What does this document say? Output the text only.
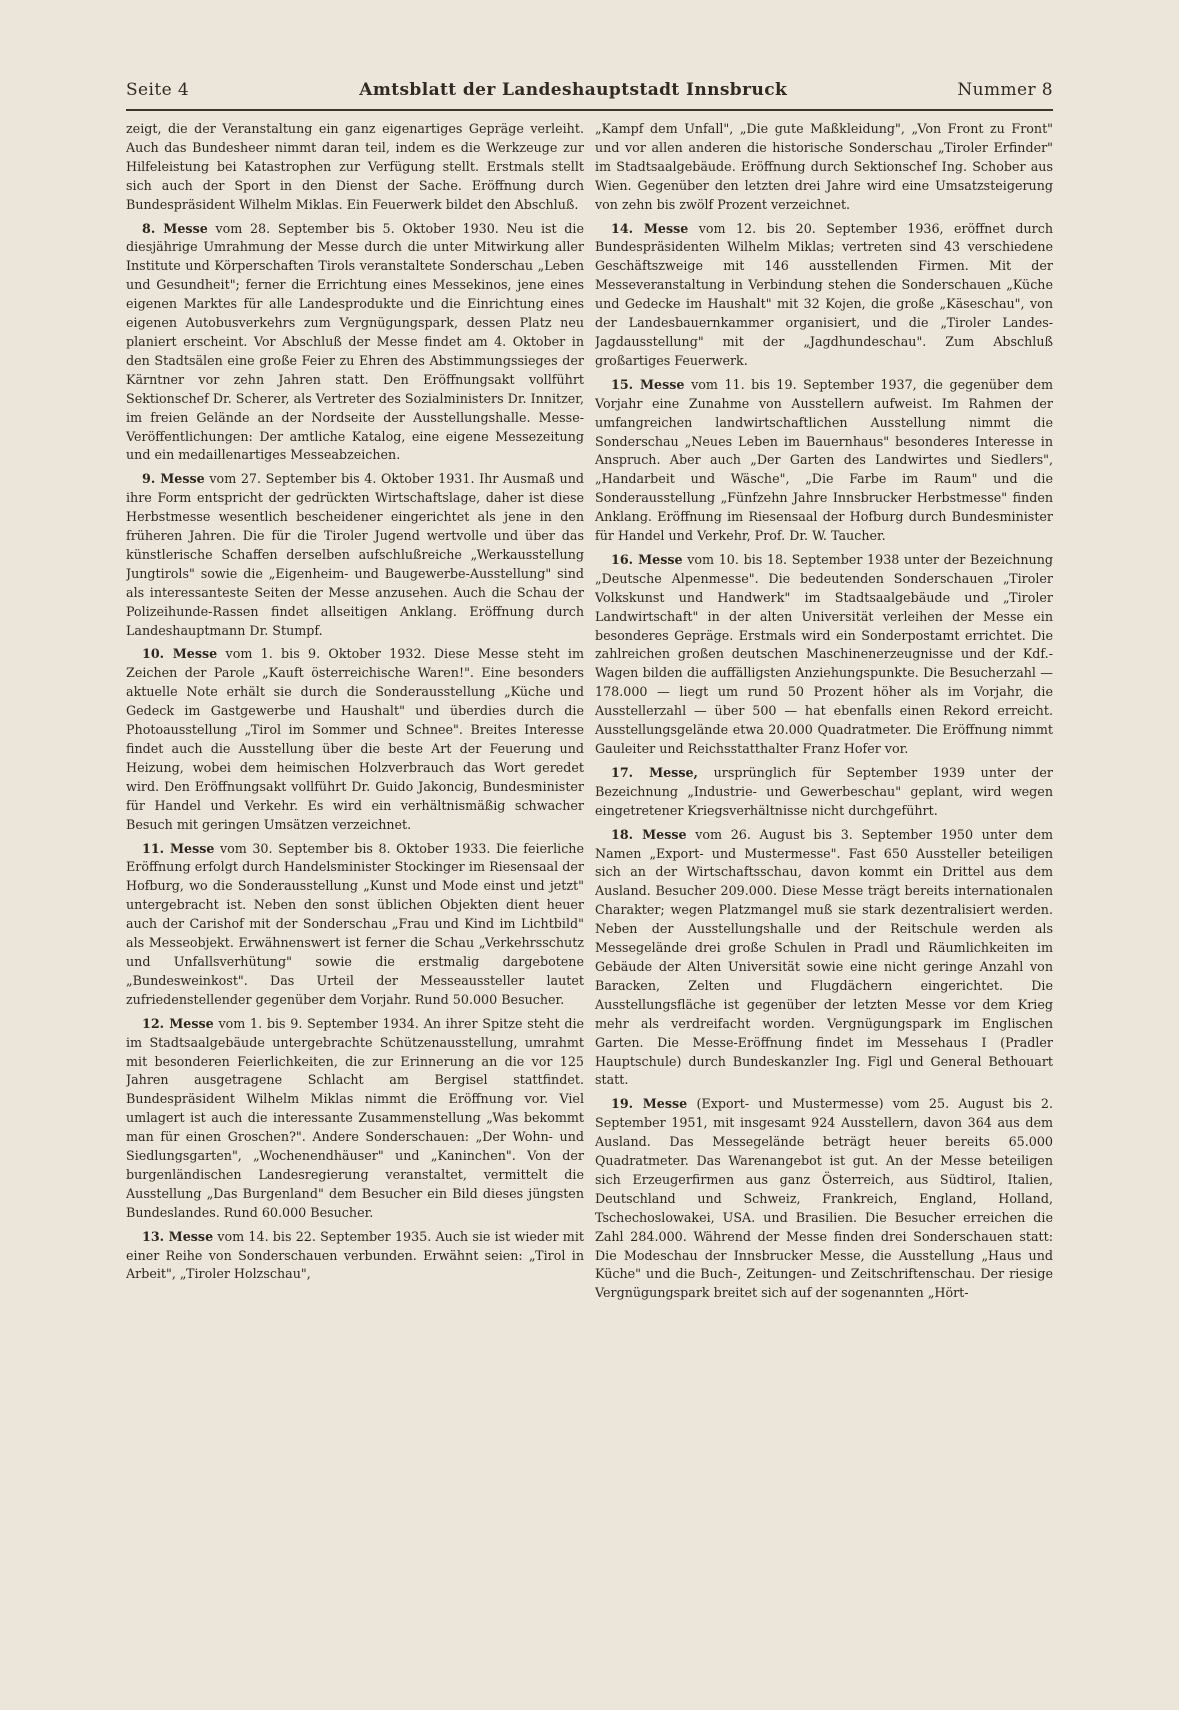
Seite 4	Amtsblatt der Landeshauptstadt Innsbruck	Nummer 8

zeigt, die der Veranstaltung ein ganz eigenartiges Gepräge verleiht. Auch das Bundesheer nimmt daran teil, indem es die Werkzeuge zur Hilfeleistung bei Katastrophen zur Verfügung stellt. Erstmals stellt sich auch der Sport in den Dienst der Sache. Eröffnung durch Bundespräsident Wilhelm Miklas. Ein Feuerwerk bildet den Abschluß.

8. Messe vom 28. September bis 5. Oktober 1930. Neu ist die diesjährige Umrahmung der Messe durch die unter Mitwirkung aller Institute und Körperschaften Tirols veranstaltete Sonderschau „Leben und Gesundheit"; ferner die Errichtung eines Messekinos, jene eines eigenen Marktes für alle Landesprodukte und die Einrichtung eines eigenen Autobusverkehrs zum Vergnügungspark, dessen Platz neu planiert erscheint. Vor Abschluß der Messe findet am 4. Oktober in den Stadtsälen eine große Feier zu Ehren des Abstimmungssieges der Kärntner vor zehn Jahren statt. Den Eröffnungsakt vollführt Sektionschef Dr. Scherer, als Vertreter des Sozialministers Dr. Innitzer, im freien Gelände an der Nordseite der Ausstellungshalle. Messe-Veröffentlichungen: Der amtliche Katalog, eine eigene Messezeitung und ein medaillenartiges Messeabzeichen.

9. Messe vom 27. September bis 4. Oktober 1931. Ihr Ausmaß und ihre Form entspricht der gedrückten Wirtschaftslage, daher ist diese Herbstmesse wesentlich bescheidener eingerichtet als jene in den früheren Jahren. Die für die Tiroler Jugend wertvolle und über das künstlerische Schaffen derselben aufschlußreiche „Werkausstellung Jungtirols" sowie die „Eigenheim- und Baugewerbe-Ausstellung" sind als interessanteste Seiten der Messe anzusehen. Auch die Schau der Polizeihunde-Rassen findet allseitigen Anklang. Eröffnung durch Landeshauptmann Dr. Stumpf.

10. Messe vom 1. bis 9. Oktober 1932. Diese Messe steht im Zeichen der Parole „Kauft österreichische Waren!". Eine besonders aktuelle Note erhält sie durch die Sonderausstellung „Küche und Gedeck im Gastgewerbe und Haushalt" und überdies durch die Photoausstellung „Tirol im Sommer und Schnee". Breites Interesse findet auch die Ausstellung über die beste Art der Feuerung und Heizung, wobei dem heimischen Holzverbrauch das Wort geredet wird. Den Eröffnungsakt vollführt Dr. Guido Jakoncig, Bundesminister für Handel und Verkehr. Es wird ein verhältnismäßig schwacher Besuch mit geringen Umsätzen verzeichnet.

11. Messe vom 30. September bis 8. Oktober 1933. Die feierliche Eröffnung erfolgt durch Handelsminister Stockinger im Riesensaal der Hofburg, wo die Sonderausstellung „Kunst und Mode einst und jetzt" untergebracht ist. Neben den sonst üblichen Objekten dient heuer auch der Carishof mit der Sonderschau „Frau und Kind im Lichtbild" als Messeobjekt. Erwähnenswert ist ferner die Schau „Verkehrsschutz und Unfallsverhütung" sowie die erstmalig dargebotene „Bundesweinkost". Das Urteil der Messeaussteller lautet zufriedenstellender gegenüber dem Vorjahr. Rund 50.000 Besucher.

12. Messe vom 1. bis 9. September 1934. An ihrer Spitze steht die im Stadtsaalgebäude untergebrachte Schützenausstellung, umrahmt mit besonderen Feierlichkeiten, die zur Erinnerung an die vor 125 Jahren ausgetragene Schlacht am Bergisel stattfindet. Bundespräsident Wilhelm Miklas nimmt die Eröffnung vor. Viel umlagert ist auch die interessante Zusammenstellung „Was bekommt man für einen Groschen?". Andere Sonderschauen: „Der Wohn- und Siedlungsgarten", „Wochenendhäuser" und „Kaninchen". Von der burgenländischen Landesregierung veranstaltet, vermittelt die Ausstellung „Das Burgenland" dem Besucher ein Bild dieses jüngsten Bundeslandes. Rund 60.000 Besucher.

13. Messe vom 14. bis 22. September 1935. Auch sie ist wieder mit einer Reihe von Sonderschauen verbunden. Erwähnt seien: „Tirol in Arbeit", „Tiroler Holzschau",

„Kampf dem Unfall", „Die gute Maßkleidung", „Von Front zu Front" und vor allen anderen die historische Sonderschau „Tiroler Erfinder" im Stadtsaalgebäude. Eröffnung durch Sektionschef Ing. Schober aus Wien. Gegenüber den letzten drei Jahre wird eine Umsatzsteigerung von zehn bis zwölf Prozent verzeichnet.

14. Messe vom 12. bis 20. September 1936, eröffnet durch Bundespräsidenten Wilhelm Miklas; vertreten sind 43 verschiedene Geschäftszweige mit 146 ausstellenden Firmen. Mit der Messeveranstaltung in Verbindung stehen die Sonderschauen „Küche und Gedecke im Haushalt" mit 32 Kojen, die große „Käseschau", von der Landesbauernkammer organisiert, und die „Tiroler Landes-Jagdausstellung" mit der „Jagdhundeschau". Zum Abschluß großartiges Feuerwerk.

15. Messe vom 11. bis 19. September 1937, die gegenüber dem Vorjahr eine Zunahme von Ausstellern aufweist. Im Rahmen der umfangreichen landwirtschaftlichen Ausstellung nimmt die Sonderschau „Neues Leben im Bauernhaus" besonderes Interesse in Anspruch. Aber auch „Der Garten des Landwirtes und Siedlers", „Handarbeit und Wäsche", „Die Farbe im Raum" und die Sonderausstellung „Fünfzehn Jahre Innsbrucker Herbstmesse" finden Anklang. Eröffnung im Riesensaal der Hofburg durch Bundesminister für Handel und Verkehr, Prof. Dr. W. Taucher.

16. Messe vom 10. bis 18. September 1938 unter der Bezeichnung „Deutsche Alpenmesse". Die bedeutenden Sonderschauen „Tiroler Volkskunst und Handwerk" im Stadtsaalgebäude und „Tiroler Landwirtschaft" in der alten Universität verleihen der Messe ein besonderes Gepräge. Erstmals wird ein Sonderpostamt errichtet. Die zahlreichen großen deutschen Maschinenerzeugnisse und der Kdf.-Wagen bilden die auffälligsten Anziehungspunkte. Die Besucherzahl — 178.000 — liegt um rund 50 Prozent höher als im Vorjahr, die Ausstellerzahl — über 500 — hat ebenfalls einen Rekord erreicht. Ausstellungsgelände etwa 20.000 Quadratmeter. Die Eröffnung nimmt Gauleiter und Reichsstatthalter Franz Hofer vor.

17. Messe, ursprünglich für September 1939 unter der Bezeichnung „Industrie- und Gewerbeschau" geplant, wird wegen eingetretener Kriegsverhältnisse nicht durchgeführt.

18. Messe vom 26. August bis 3. September 1950 unter dem Namen „Export- und Mustermesse". Fast 650 Aussteller beteiligen sich an der Wirtschaftsschau, davon kommt ein Drittel aus dem Ausland. Besucher 209.000. Diese Messe trägt bereits internationalen Charakter; wegen Platzmangel muß sie stark dezentralisiert werden. Neben der Ausstellungshalle und der Reitschule werden als Messegelände drei große Schulen in Pradl und Räumlichkeiten im Gebäude der Alten Universität sowie eine nicht geringe Anzahl von Baracken, Zelten und Flugdächern eingerichtet. Die Ausstellungsfläche ist gegenüber der letzten Messe vor dem Krieg mehr als verdreifacht worden. Vergnügungspark im Englischen Garten. Die Messe-Eröffnung findet im Messehaus I (Pradler Hauptschule) durch Bundeskanzler Ing. Figl und General Bethouart statt.

19. Messe (Export- und Mustermesse) vom 25. August bis 2. September 1951, mit insgesamt 924 Ausstellern, davon 364 aus dem Ausland. Das Messegelände beträgt heuer bereits 65.000 Quadratmeter. Das Warenangebot ist gut. An der Messe beteiligen sich Erzeugerfirmen aus ganz Österreich, aus Südtirol, Italien, Deutschland und Schweiz, Frankreich, England, Holland, Tschechoslowakei, USA. und Brasilien. Die Besucher erreichen die Zahl 284.000. Während der Messe finden drei Sonderschauen statt: Die Modeschau der Innsbrucker Messe, die Ausstellung „Haus und Küche" und die Buch-, Zeitungen- und Zeitschriftenschau. Der riesige Vergnügungspark breitet sich auf der sogenannten „Hört-
